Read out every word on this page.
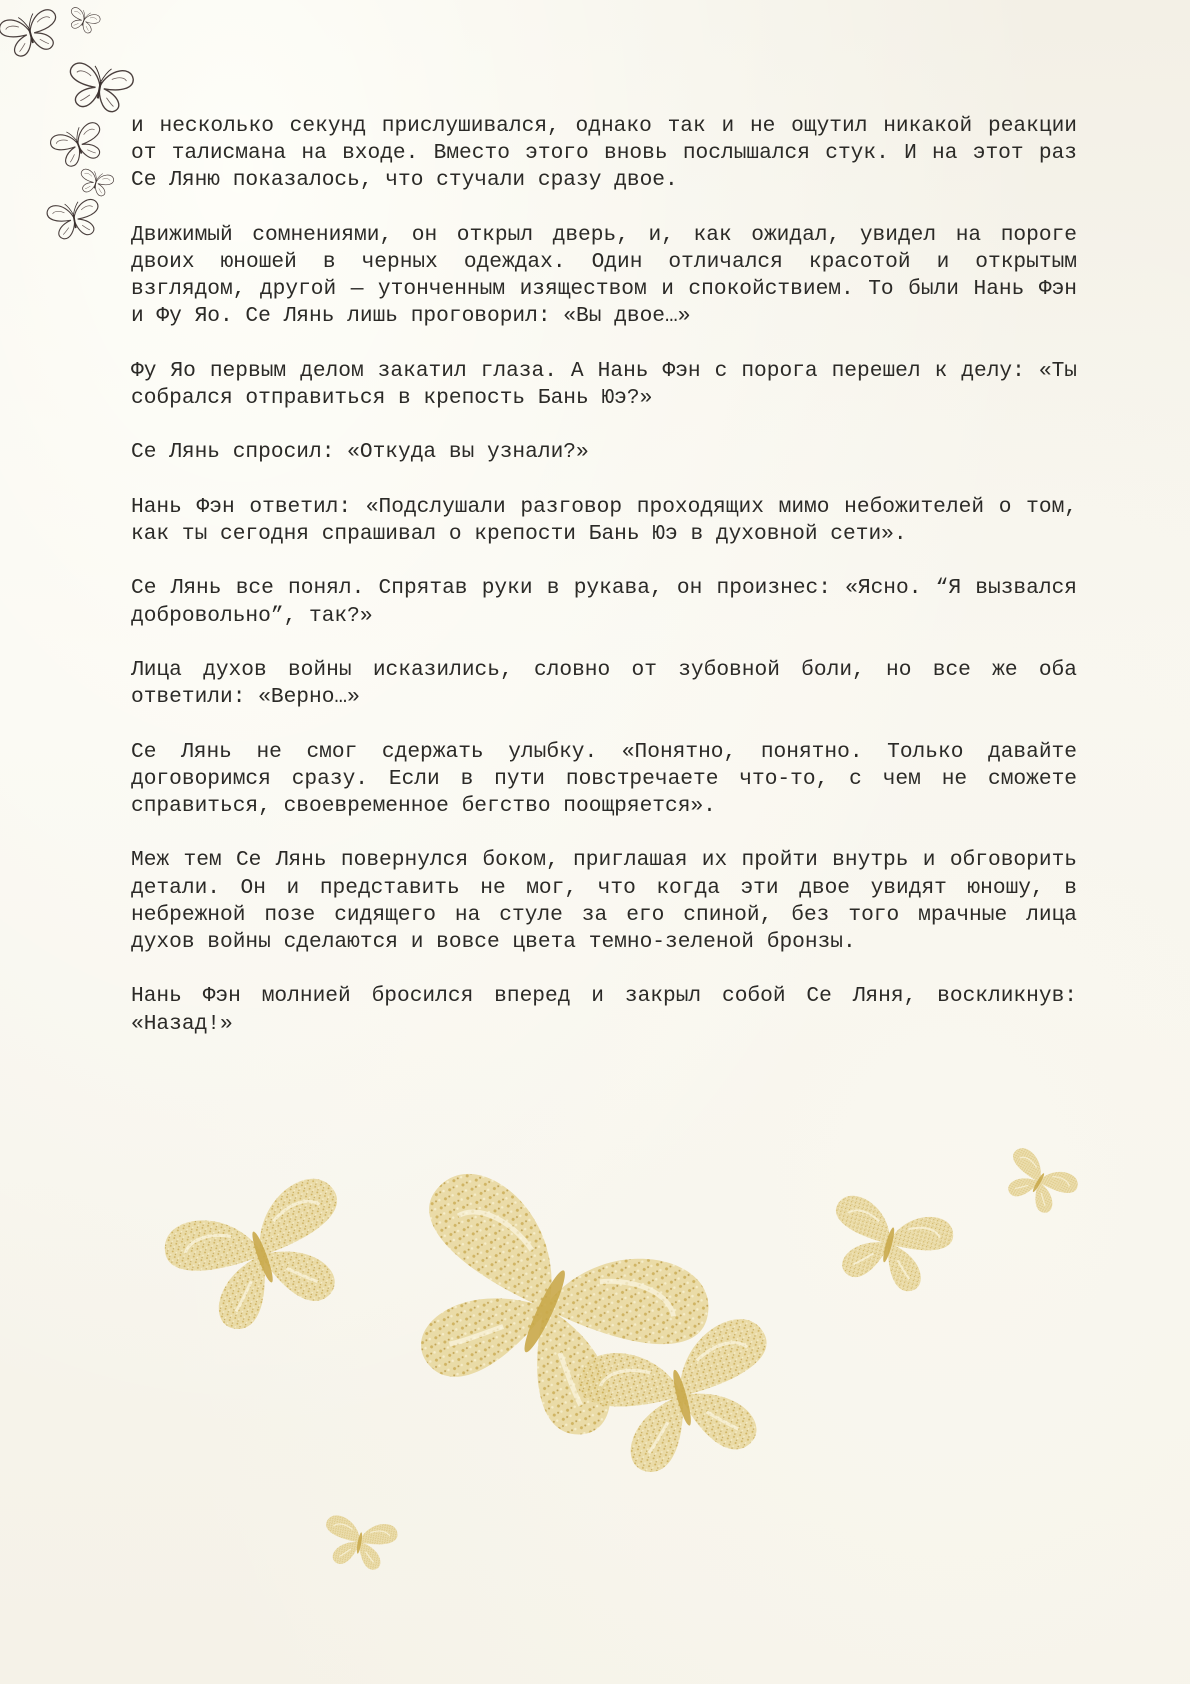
и несколько секунд прислушивался, однако так и не ощутил никакой реакции от талисмана на входе. Вместо этого вновь послышался стук. И на этот раз Се Ляню показалось, что стучали сразу двое.

Движимый сомнениями, он открыл дверь, и, как ожидал, увидел на пороге двоих юношей в черных одеждах. Один отличался красотой и открытым взглядом, другой — утонченным изяществом и спокойствием. То были Нань Фэн и Фу Яо. Се Лянь лишь проговорил: «Вы двое…»

Фу Яо первым делом закатил глаза. А Нань Фэн с порога перешел к делу: «Ты собрался отправиться в крепость Бань Юэ?»

Се Лянь спросил: «Откуда вы узнали?»

Нань Фэн ответил: «Подслушали разговор проходящих мимо небожителей о том, как ты сегодня спрашивал о крепости Бань Юэ в духовной сети».

Се Лянь все понял. Спрятав руки в рукава, он произнес: «Ясно. “Я вызвался добровольно”, так?»

Лица духов войны исказились, словно от зубовной боли, но все же оба ответили: «Верно…»

Се Лянь не смог сдержать улыбку. «Понятно, понятно. Только давайте договоримся сразу. Если в пути повстречаете что-то, с чем не сможете справиться, своевременное бегство поощряется».

Меж тем Се Лянь повернулся боком, приглашая их пройти внутрь и обговорить детали. Он и представить не мог, что когда эти двое увидят юношу, в небрежной позе сидящего на стуле за его спиной, без того мрачные лица духов войны сделаются и вовсе цвета темно-зеленой бронзы.

Нань Фэн молнией бросился вперед и закрыл собой Се Ляня, воскликнув: «Назад!»
